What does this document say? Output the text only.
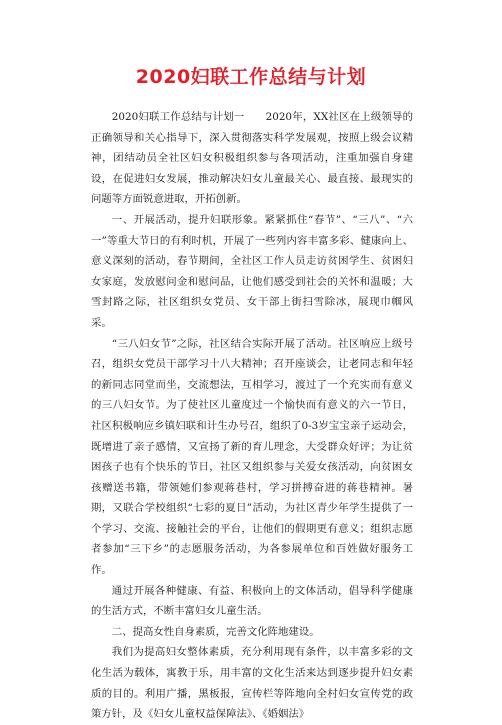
2020妇联工作总结与计划

2020妇联工作总结与计划一　　2020年，XX社区在上级领导的正确领导和关心指导下，深入贯彻落实科学发展观，按照上级会议精神，团结动员全社区妇女积极组织参与各项活动，注重加强自身建设，在促进妇女发展，推动解决妇女儿童最关心、最直接、最现实的问题等方面锐意进取，开拓创新。

一、开展活动，提升妇联形象。紧紧抓住“春节”、“三八”、“六一”等重大节日的有利时机，开展了一些列内容丰富多彩、健康向上、意义深刻的活动，春节期间，全社区工作人员走访贫困学生、贫困妇女家庭，发放慰问金和慰问品，让他们感受到社会的关怀和温暖；大雪封路之际，社区组织女党员、女干部上街扫雪除冰，展现巾帼风采。

“三八妇女节”之际，社区结合实际开展了活动。社区响应上级号召，组织女党员干部学习十八大精神；召开座谈会，让老同志和年轻的新同志同堂而坐，交流想法，互相学习，渡过了一个充实而有意义的三八妇女节。为了使社区儿童度过一个愉快而有意义的六一节日，社区积极响应乡镇妇联和计生办号召，组织了0-3岁宝宝亲子运动会，既增进了亲子感情，又宣扬了新的育儿理念，大受群众好评；为让贫困孩子也有个快乐的节日，社区又组织参与关爱女孩活动，向贫困女孩赠送书籍，带领她们参观蒋巷村，学习拼搏奋进的蒋巷精神。暑期，又联合学校组织“七彩的夏日”活动，为社区青少年学生提供了一个学习、交流、接触社会的平台，让他们的假期更有意义；组织志愿者参加“三下乡”的志愿服务活动，为各参展单位和百姓做好服务工作。

通过开展各种健康、有益、积极向上的文体活动，倡导科学健康的生活方式，不断丰富妇女儿童生活。

二、提高女性自身素质，完善文化阵地建设。

我们为提高妇女整体素质，充分利用现有条件，以丰富多彩的文化生活为载体，寓教于乐，用丰富的文化生活来达到逐步提升妇女素质的目的。利用广播，黑板报，宣传栏等阵地向全村妇女宣传党的政策方针，及《妇女儿童权益保障法》、《婚姻法》
